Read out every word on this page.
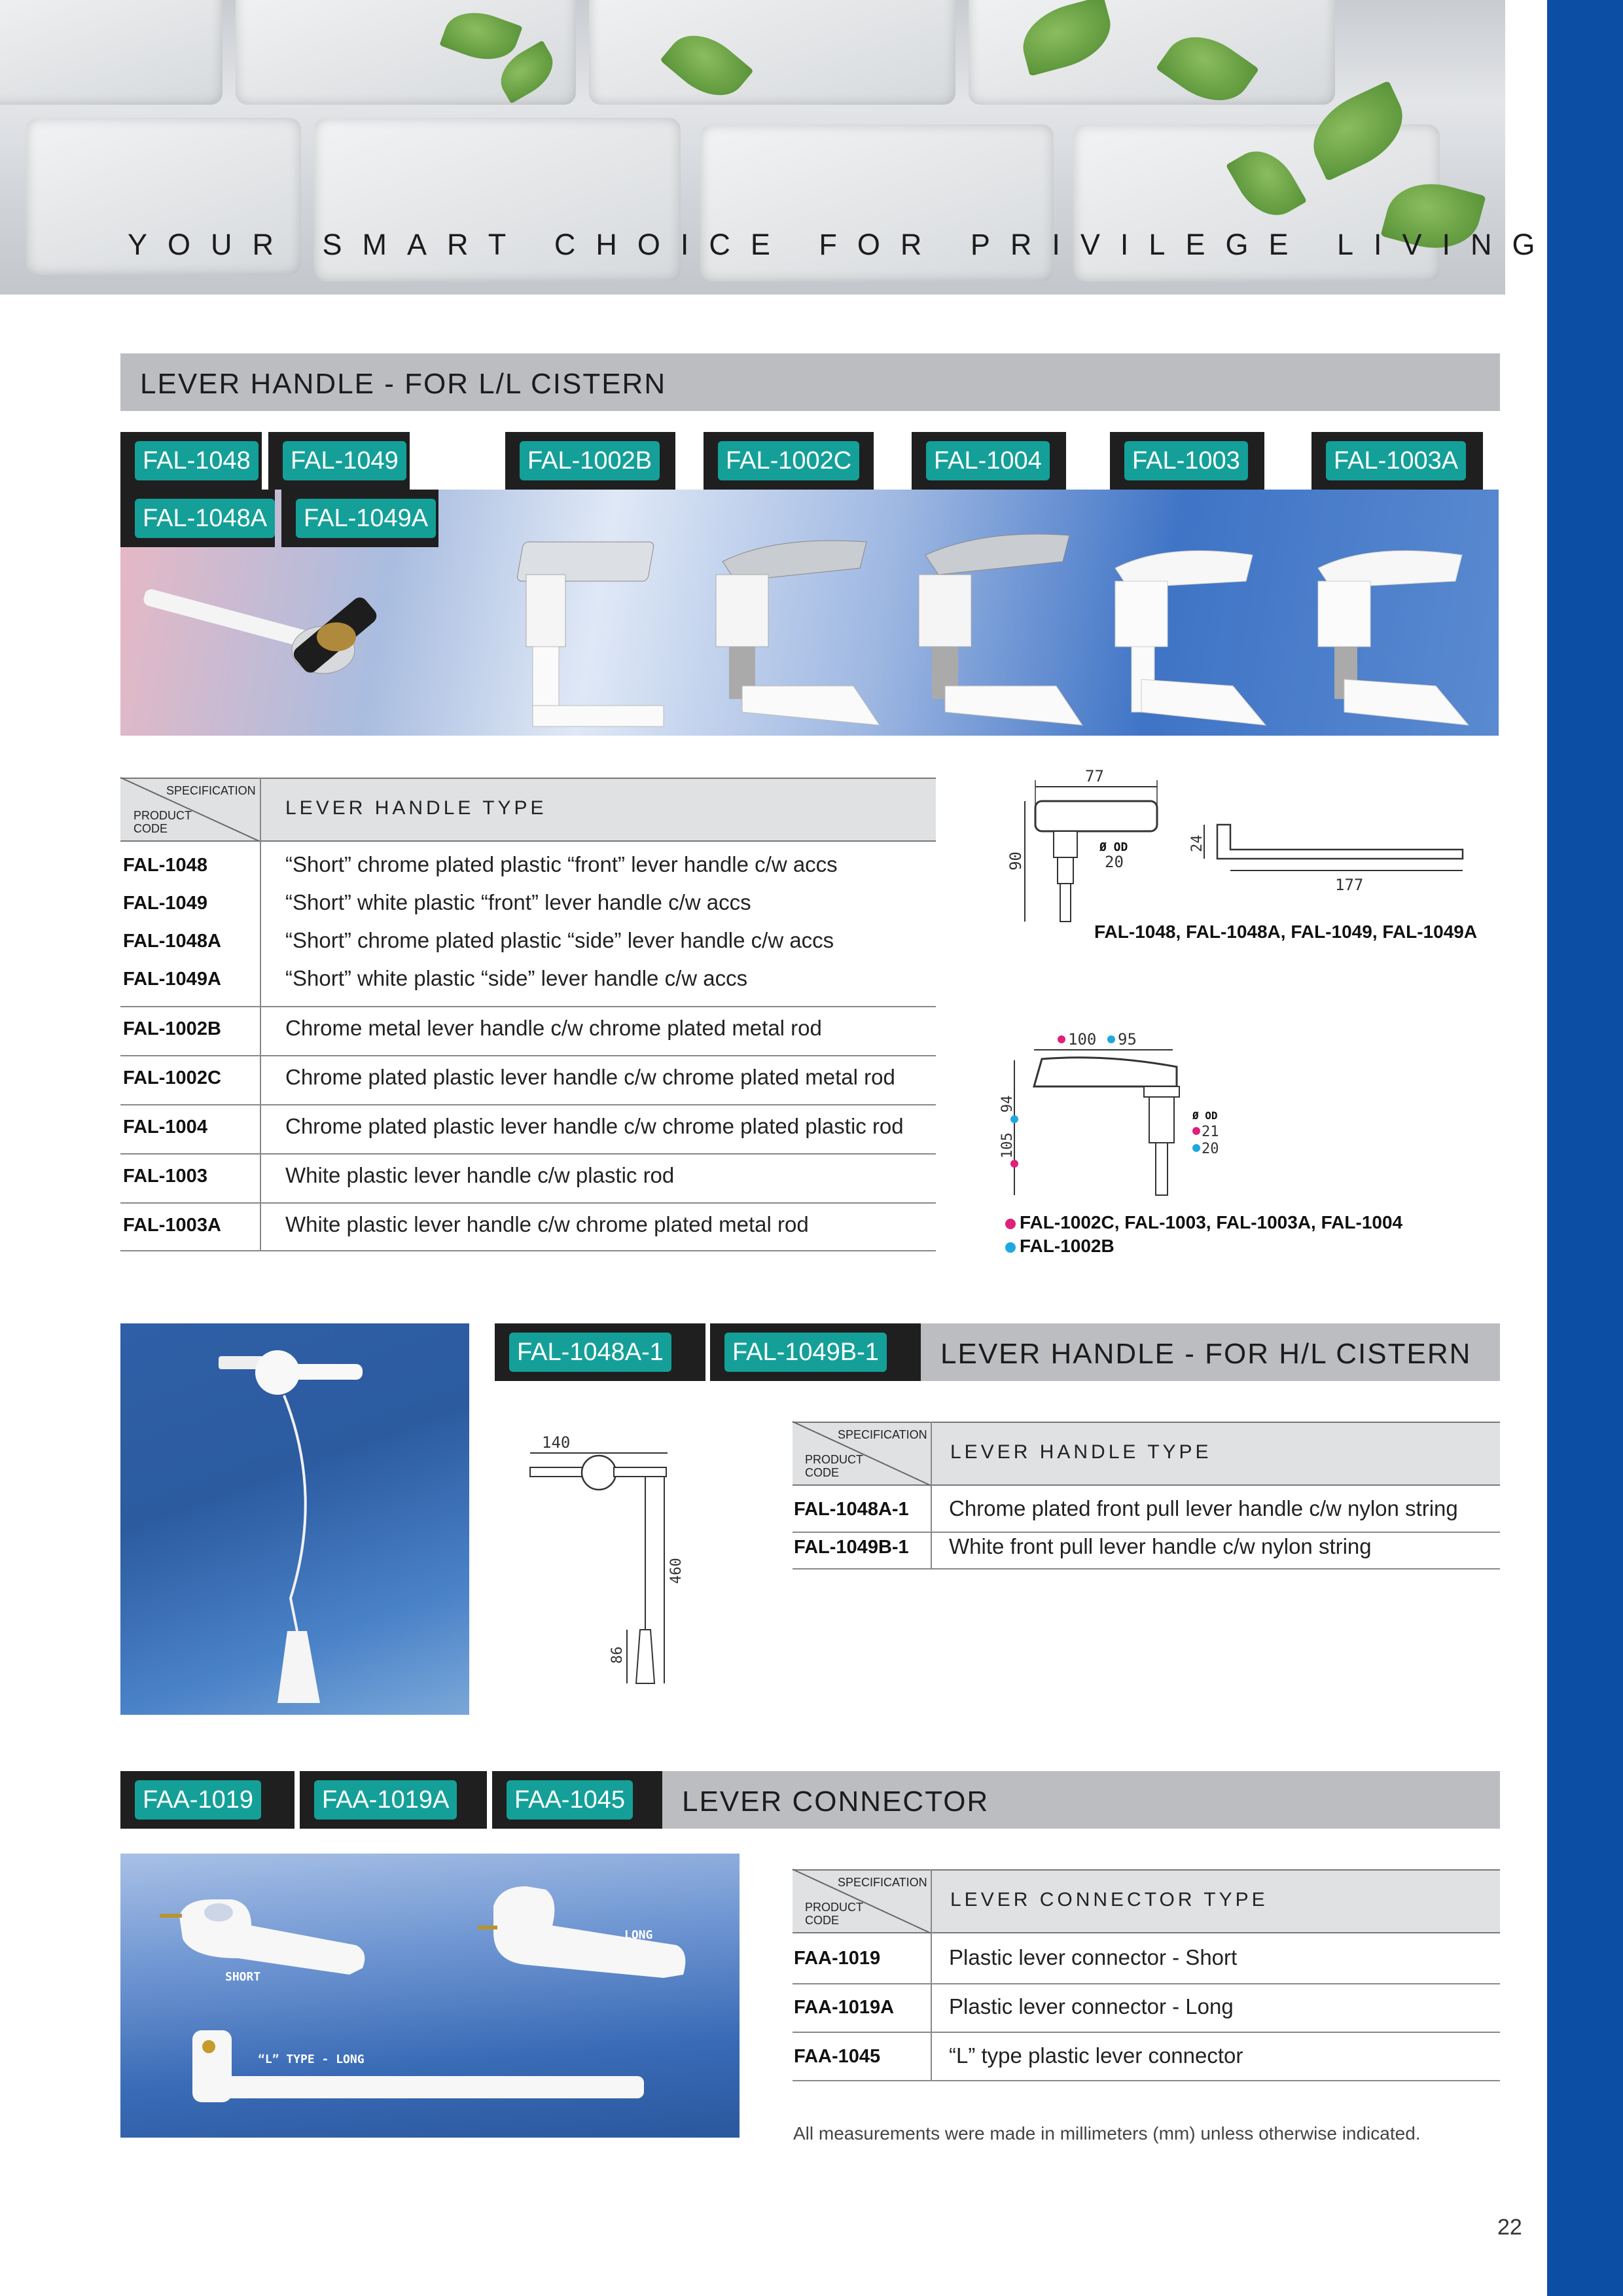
YOUR SMART CHOICE FOR PRIVILEGE LIVING
LEVER HANDLE - FOR L/L CISTERN
FAL-1048	FAL-1049	FAL-1002B	FAL-1002C	FAL-1004	FAL-1003	FAL-1003A
FAL-1048A	FAL-1049A
SPECIFICATION
PRODUCT
CODE
LEVER HANDLE TYPE
FAL-1048	“Short” chrome plated plastic “front” lever handle c/w accs
FAL-1049	“Short” white plastic “front” lever handle c/w accs
FAL-1048A	“Short” chrome plated plastic “side” lever handle c/w accs
FAL-1049A	“Short” white plastic “side” lever handle c/w accs
FAL-1002B	Chrome metal lever handle c/w chrome plated metal rod
FAL-1002C	Chrome plated plastic lever handle c/w chrome plated metal rod
FAL-1004	Chrome plated plastic lever handle c/w chrome plated plastic rod
FAL-1003	White plastic lever handle c/w plastic rod
FAL-1003A	White plastic lever handle c/w chrome plated metal rod
77
90
Ø OD
20
24
177
FAL-1048, FAL-1048A, FAL-1049, FAL-1049A
100 95
105
94
Ø OD
21
20
FAL-1002C, FAL-1003, FAL-1003A, FAL-1004
FAL-1002B
FAL-1048A-1	FAL-1049B-1 LEVER HANDLE - FOR H/L CISTERN
140
460
86
SPECIFICATION
PRODUCT
CODE
LEVER HANDLE TYPE
FAL-1048A-1 Chrome plated front pull lever handle c/w nylon string
FAL-1049B-1 White front pull lever handle c/w nylon string
FAA-1019	FAA-1019A	FAA-1045 LEVER CONNECTOR
SHORT
LONG
“L” TYPE - LONG
SPECIFICATION
PRODUCT
CODE
LEVER CONNECTOR TYPE
FAA-1019	Plastic lever connector - Short
FAA-1019A	Plastic lever connector - Long
FAA-1045	“L” type plastic lever connector
All measurements were made in millimeters (mm) unless otherwise indicated.
22
